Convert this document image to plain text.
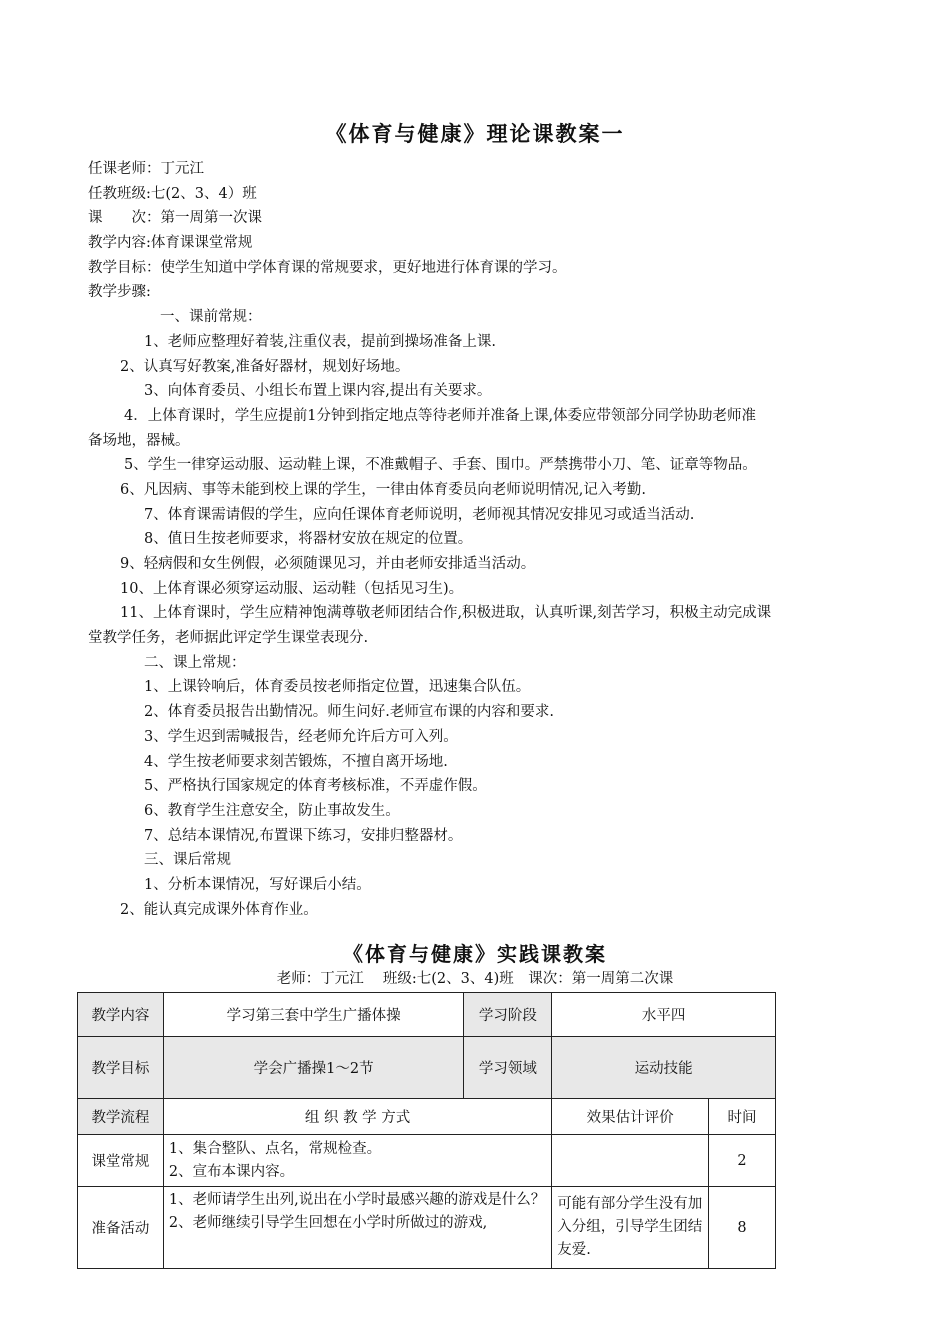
《体育与健康》理论课教案一
任课老师：丁元江
任教班级:七(2、3、4）班
课　　次：第一周第一次课
教学内容:体育课课堂常规
教学目标：使学生知道中学体育课的常规要求，更好地进行体育课的学习。
教学步骤:
一、课前常规：
1、老师应整理好着装,注重仪表，提前到操场准备上课.
2、认真写好教案,准备好器材，规划好场地。
3、向体育委员、小组长布置上课内容,提出有关要求。
4．上体育课时，学生应提前1分钟到指定地点等待老师并准备上课,体委应带领部分同学协助老师准
备场地，器械。
5、学生一律穿运动服、运动鞋上课，不准戴帽子、手套、围巾。严禁携带小刀、笔、证章等物品。
6、凡因病、事等未能到校上课的学生，一律由体育委员向老师说明情况,记入考勤.
7、体育课需请假的学生，应向任课体育老师说明，老师视其情况安排见习或适当活动.
8、值日生按老师要求，将器材安放在规定的位置。
9、轻病假和女生例假，必须随课见习，并由老师安排适当活动。
10、上体育课必须穿运动服、运动鞋（包括见习生)。
11、上体育课时，学生应精神饱满尊敬老师团结合作,积极进取，认真听课,刻苦学习，积极主动完成课
堂教学任务，老师据此评定学生课堂表现分.
二、课上常规：
1、上课铃响后，体育委员按老师指定位置，迅速集合队伍。
2、体育委员报告出勤情况。师生问好.老师宣布课的内容和要求.
3、学生迟到需喊报告，经老师允许后方可入列。
4、学生按老师要求刻苦锻炼，不擅自离开场地.
5、严格执行国家规定的体育考核标准，不弄虚作假。
6、教育学生注意安全，防止事故发生。
7、总结本课情况,布置课下练习，安排归整器材。
三、课后常规
1、分析本课情况，写好课后小结。
2、能认真完成课外体育作业。
《体育与健康》实践课教案
老师：丁元江　 班级:七(2、3、4)班　课次：第一周第二次课
教学内容	学习第三套中学生广播体操	学习阶段	水平四	
教学目标	学会广播操1～2节	学习领域	运动技能	
教学流程	组 织 教 学 方式		效果估计评价	时间
课堂常规	1、集合整队、点名，常规检查。
2、宣布本课内容。			2
准备活动	1、老师请学生出列,说出在小学时最感兴趣的游戏是什么？
2、老师继续引导学生回想在小学时所做过的游戏,		可能有部分学生没有加入分组，引导学生团结友爱.	8
